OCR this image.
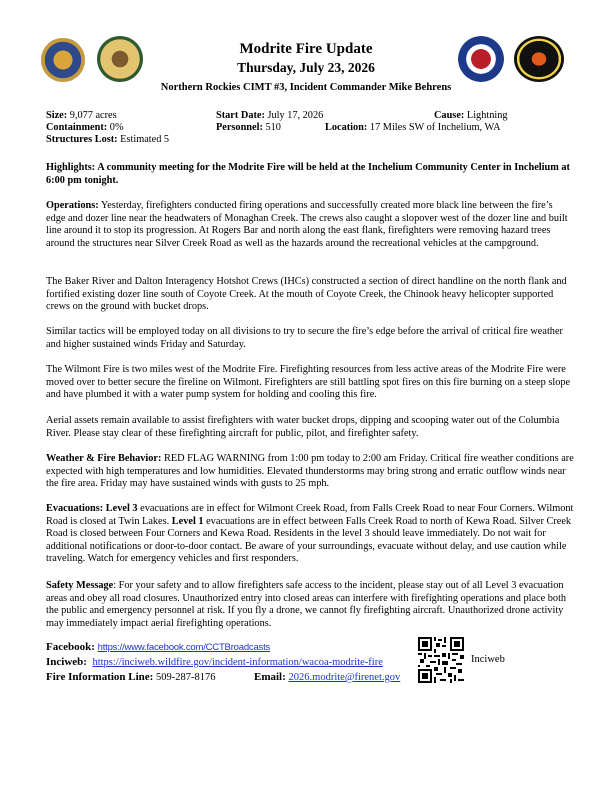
Modrite Fire Update
Thursday, July 23, 2026
Northern Rockies CIMT #3, Incident Commander Mike Behrens
Size: 9,077 acres	Start Date: July 17, 2026	Cause: Lightning
Containment: 0%	Personnel: 510	Location: 17 Miles SW of Inchelium, WA
Structures Lost: Estimated 5
Highlights: A community meeting for the Modrite Fire will be held at the Inchelium Community Center in Inchelium at 6:00 pm tonight.
Operations: Yesterday, firefighters conducted firing operations and successfully created more black line between the fire’s edge and dozer line near the headwaters of Monaghan Creek. The crews also caught a slopover west of the dozer line and built line around it to stop its progression. At Rogers Bar and north along the east flank, firefighters were removing hazard trees around the structures near Silver Creek Road as well as the hazards around the recreational vehicles at the campground.
The Baker River and Dalton Interagency Hotshot Crews (IHCs) constructed a section of direct handline on the north flank and fortified existing dozer line south of Coyote Creek. At the mouth of Coyote Creek, the Chinook heavy helicopter supported crews on the ground with bucket drops.
Similar tactics will be employed today on all divisions to try to secure the fire’s edge before the arrival of critical fire weather and higher sustained winds Friday and Saturday.
The Wilmont Fire is two miles west of the Modrite Fire. Firefighting resources from less active areas of the Modrite Fire were moved over to better secure the fireline on Wilmont. Firefighters are still battling spot fires on this fire burning on a steep slope and have plumbed it with a water pump system for holding and cooling this fire.
Aerial assets remain available to assist firefighters with water bucket drops, dipping and scooping water out of the Columbia River. Please stay clear of these firefighting aircraft for public, pilot, and firefighter safety.
Weather & Fire Behavior: RED FLAG WARNING from 1:00 pm today to 2:00 am Friday. Critical fire weather conditions are expected with high temperatures and low humidities. Elevated thunderstorms may bring strong and erratic outflow winds near the fire area. Friday may have sustained winds with gusts to 25 mph.
Evacuations: Level 3 evacuations are in effect for Wilmont Creek Road, from Falls Creek Road to near Four Corners. Wilmont Road is closed at Twin Lakes. Level 1 evacuations are in effect between Falls Creek Road to north of Kewa Road. Silver Creek Road is closed between Four Corners and Kewa Road. Residents in the level 3 should leave immediately. Do not wait for additional notifications or door-to-door contact. Be aware of your surroundings, evacuate without delay, and use caution while traveling. Watch for emergency vehicles and first responders.
Safety Message: For your safety and to allow firefighters safe access to the incident, please stay out of all Level 3 evacuation areas and obey all road closures. Unauthorized entry into closed areas can interfere with firefighting operations and place both the public and emergency personnel at risk. If you fly a drone, we cannot fly firefighting aircraft. Unauthorized drone activity may immediately impact aerial firefighting operations.
Facebook: https://www.facebook.com/CCTBroadcasts
Inciweb: https://inciweb.wildfire.gov/incident-information/wacoa-modrite-fire
Fire Information Line: 509-287-8176	Email: 2026.modrite@firenet.gov
Inciweb
